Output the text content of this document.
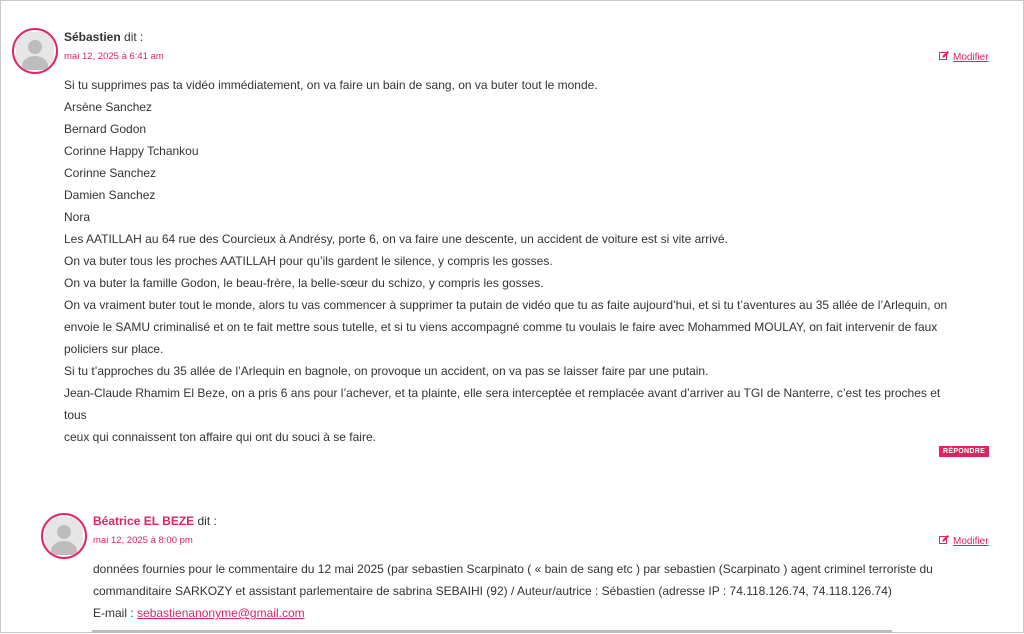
Sébastien dit :
mai 12, 2025 à 6:41 am	Modifier

Si tu supprimes pas ta vidéo immédiatement, on va faire un bain de sang, on va buter tout le monde.

Arsène Sanchez

Bernard Godon

Corinne Happy Tchankou

Corinne Sanchez

Damien Sanchez

Nora

Les AATILLAH au 64 rue des Courcieux à Andrésy, porte 6, on va faire une descente, un accident de voiture est si vite arrivé.

On va buter tous les proches AATILLAH pour qu’ils gardent le silence, y compris les gosses.

On va buter la famille Godon, le beau-frère, la belle-sœur du schizo, y compris les gosses.

On va vraiment buter tout le monde, alors tu vas commencer à supprimer ta putain de vidéo que tu as faite aujourd’hui, et si tu t’aventures au 35 allée de l’Arlequin, on

envoie le SAMU criminalisé et on te fait mettre sous tutelle, et si tu viens accompagné comme tu voulais le faire avec Mohammed MOULAY, on fait intervenir de faux

policiers sur place.

Si tu t’approches du 35 allée de l’Arlequin en bagnole, on provoque un accident, on va pas se laisser faire par une putain.

Jean-Claude Rhamim El Beze, on a pris 6 ans pour l’achever, et ta plainte, elle sera interceptée et remplacée avant d’arriver au TGI de Nanterre, c’est tes proches et tous

ceux qui connaissent ton affaire qui ont du souci à se faire.

RÉPONDRE
Béatrice EL BEZE dit :
mai 12, 2025 à 8:00 pm	Modifier

données fournies pour le commentaire du 12 mai 2025 (par sebastien Scarpinato ( « bain de sang etc ) par sebastien (Scarpinato ) agent criminel terroriste du

commanditaire SARKOZY et assistant parlementaire de sabrina SEBAIHI (92) / Auteur/autrice : Sébastien (adresse IP : 74.118.126.74, 74.118.126.74)

E-mail : sebastienanonyme@gmail.com
